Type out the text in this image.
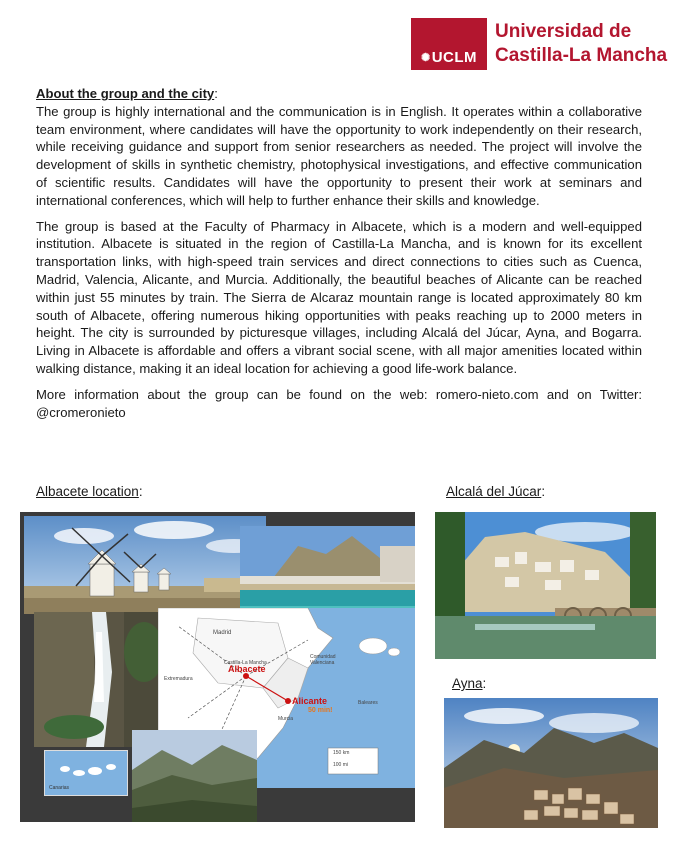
✺UCLM
Universidad de
Castilla-La Mancha
About the group and the city:

The group is highly international and the communication is in English. It operates within a collaborative team environment, where candidates will have the opportunity to work independently on their research, while receiving guidance and support from senior researchers as needed. The project will involve the development of skills in synthetic chemistry, photophysical investigations, and effective communication of scientific results. Candidates will have the opportunity to present their work at seminars and international conferences, which will help to further enhance their skills and knowledge.

The group is based at the Faculty of Pharmacy in Albacete, which is a modern and well-equipped institution. Albacete is situated in the region of Castilla-La Mancha, and is known for its excellent transportation links, with high-speed train services and direct connections to cities such as Cuenca, Madrid, Valencia, Alicante, and Murcia. Additionally, the beautiful beaches of Alicante can be reached within just 55 minutes by train. The Sierra de Alcaraz mountain range is located approximately 80 km south of Albacete, offering numerous hiking opportunities with peaks reaching up to 2000 meters in height. The city is surrounded by picturesque villages, including Alcalá del Júcar, Ayna, and Bogarra. Living in Albacete is affordable and offers a vibrant social scene, with all major amenities located within walking distance, making it an ideal location for achieving a good life-work balance.

More information about the group can be found on the web: romero-nieto.com and on Twitter: @cromeronieto

Albacete location:	Alcalá del Júcar:
Ayna:
Madrid
Castilla-La Mancha
Comunidad
Valenciana
Extremadura
Baleares
Murcia
Albacete
Alicante
50 min!
150 km
100 mi
Canarias
